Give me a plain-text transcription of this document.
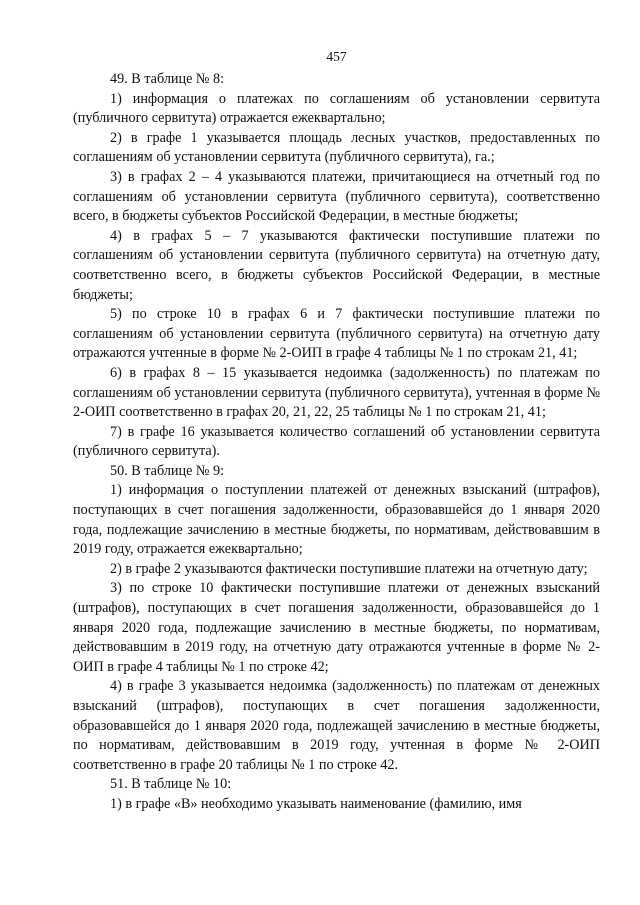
457

49. В таблице № 8:

1) информация о платежах по соглашениям об установлении сервитута (публичного сервитута) отражается ежеквартально;

2) в графе 1 указывается площадь лесных участков, предоставленных по соглашениям об установлении сервитута (публичного сервитута), га.;

3) в графах 2 – 4 указываются платежи, причитающиеся на отчетный год по соглашениям об установлении сервитута (публичного сервитута), соответственно всего, в бюджеты субъектов Российской Федерации, в местные бюджеты;

4) в графах 5 – 7 указываются фактически поступившие платежи по соглашениям об установлении сервитута (публичного сервитута) на отчетную дату, соответственно всего, в бюджеты субъектов Российской Федерации, в местные бюджеты;

5) по строке 10 в графах 6 и 7 фактически поступившие платежи по соглашениям об установлении сервитута (публичного сервитута) на отчетную дату отражаются учтенные в форме № 2-ОИП в графе 4 таблицы № 1 по строкам 21, 41;

6) в графах 8 – 15 указывается недоимка (задолженность) по платежам по соглашениям об установлении сервитута (публичного сервитута), учтенная в форме № 2-ОИП соответственно в графах 20, 21, 22, 25 таблицы № 1 по строкам 21, 41;

7) в графе 16 указывается количество соглашений об установлении сервитута (публичного сервитута).

50. В таблице № 9:

1) информация о поступлении платежей от денежных взысканий (штрафов), поступающих в счет погашения задолженности, образовавшейся до 1 января 2020 года, подлежащие зачислению в местные бюджеты, по нормативам, действовавшим в 2019 году, отражается ежеквартально;

2) в графе 2 указываются фактически поступившие платежи на отчетную дату;

3) по строке 10 фактически поступившие платежи от денежных взысканий (штрафов), поступающих в счет погашения задолженности, образовавшейся до 1 января 2020 года, подлежащие зачислению в местные бюджеты, по нормативам, действовавшим в 2019 году, на отчетную дату отражаются учтенные в форме № 2-ОИП в графе 4 таблицы № 1 по строке 42;

4) в графе 3 указывается недоимка (задолженность) по платежам от денежных взысканий (штрафов), поступающих в счет погашения задолженности, образовавшейся до 1 января 2020 года, подлежащей зачислению в местные бюджеты, по нормативам, действовавшим в 2019 году, учтенная в форме № 2-ОИП соответственно в графе 20 таблицы № 1 по строке 42.

51. В таблице № 10:

1) в графе «В» необходимо указывать наименование (фамилию, имя
